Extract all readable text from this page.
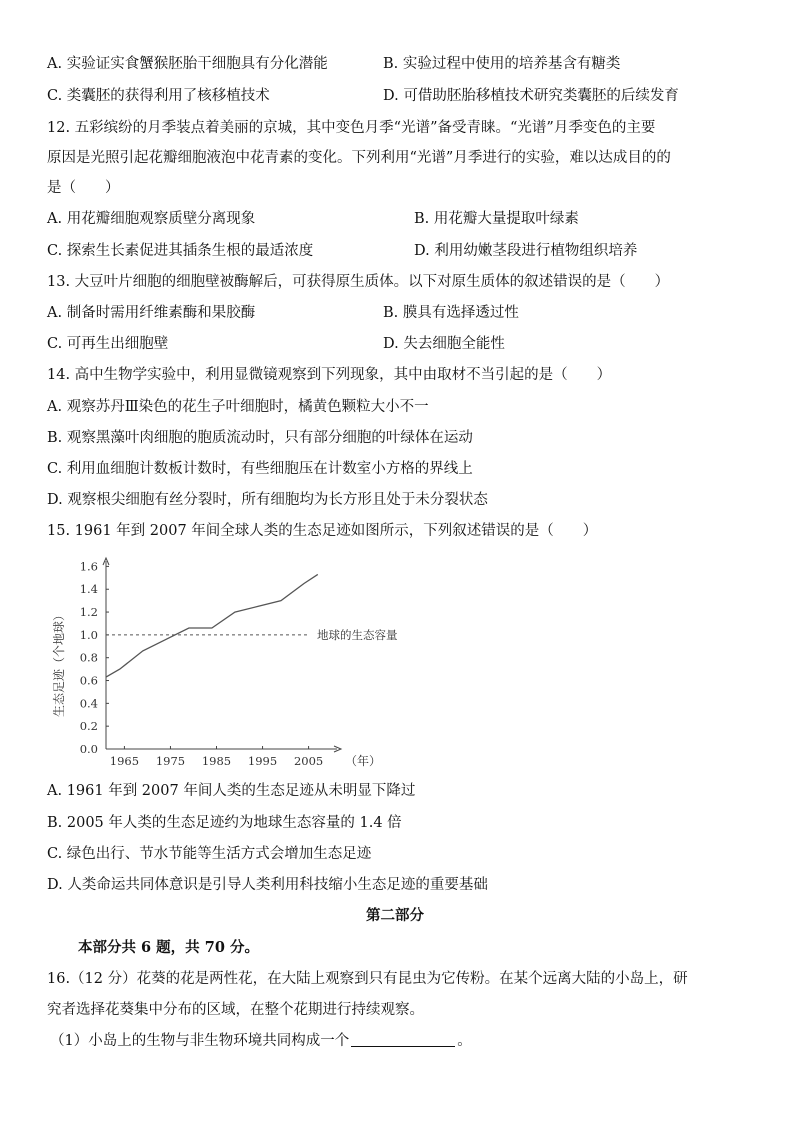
A. 实验证实食蟹猴胚胎干细胞具有分化潜能	B. 实验过程中使用的培养基含有糖类
C. 类囊胚的获得利用了核移植技术	D. 可借助胚胎移植技术研究类囊胚的后续发育
12. 五彩缤纷的月季装点着美丽的京城，其中变色月季“光谱”备受青睐。“光谱”月季变色的主要
原因是光照引起花瓣细胞液泡中花青素的变化。下列利用“光谱”月季进行的实验，难以达成目的的
是（　　）
A. 用花瓣细胞观察质壁分离现象	B. 用花瓣大量提取叶绿素
C. 探索生长素促进其插条生根的最适浓度	D. 利用幼嫩茎段进行植物组织培养
13. 大豆叶片细胞的细胞壁被酶解后，可获得原生质体。以下对原生质体的叙述错误的是（　　）
A. 制备时需用纤维素酶和果胶酶	B. 膜具有选择透过性
C. 可再生出细胞壁	D. 失去细胞全能性
14. 高中生物学实验中，利用显微镜观察到下列现象，其中由取材不当引起的是（　　）
A. 观察苏丹Ⅲ染色的花生子叶细胞时，橘黄色颗粒大小不一
B. 观察黑藻叶肉细胞的胞质流动时，只有部分细胞的叶绿体在运动
C. 利用血细胞计数板计数时，有些细胞压在计数室小方格的界线上
D. 观察根尖细胞有丝分裂时，所有细胞均为长方形且处于未分裂状态
15. 1961 年到 2007 年间全球人类的生态足迹如图所示，下列叙述错误的是（　　）
生态足迹（个地球）
0.0
0.2
0.4
0.6
0.8
1.0
1.2
1.4
1.6
1965 1975 1985 1995 2005
地球的生态容量
（年）
A. 1961 年到 2007 年间人类的生态足迹从未明显下降过
B. 2005 年人类的生态足迹约为地球生态容量的 1.4 倍
C. 绿色出行、节水节能等生活方式会增加生态足迹
D. 人类命运共同体意识是引导人类利用科技缩小生态足迹的重要基础
第二部分
本部分共 6 题，共 70 分。
16.（12 分）花葵的花是两性花，在大陆上观察到只有昆虫为它传粉。在某个远离大陆的小岛上，研
究者选择花葵集中分布的区域，在整个花期进行持续观察。
（1）小岛上的生物与非生物环境共同构成一个	。
